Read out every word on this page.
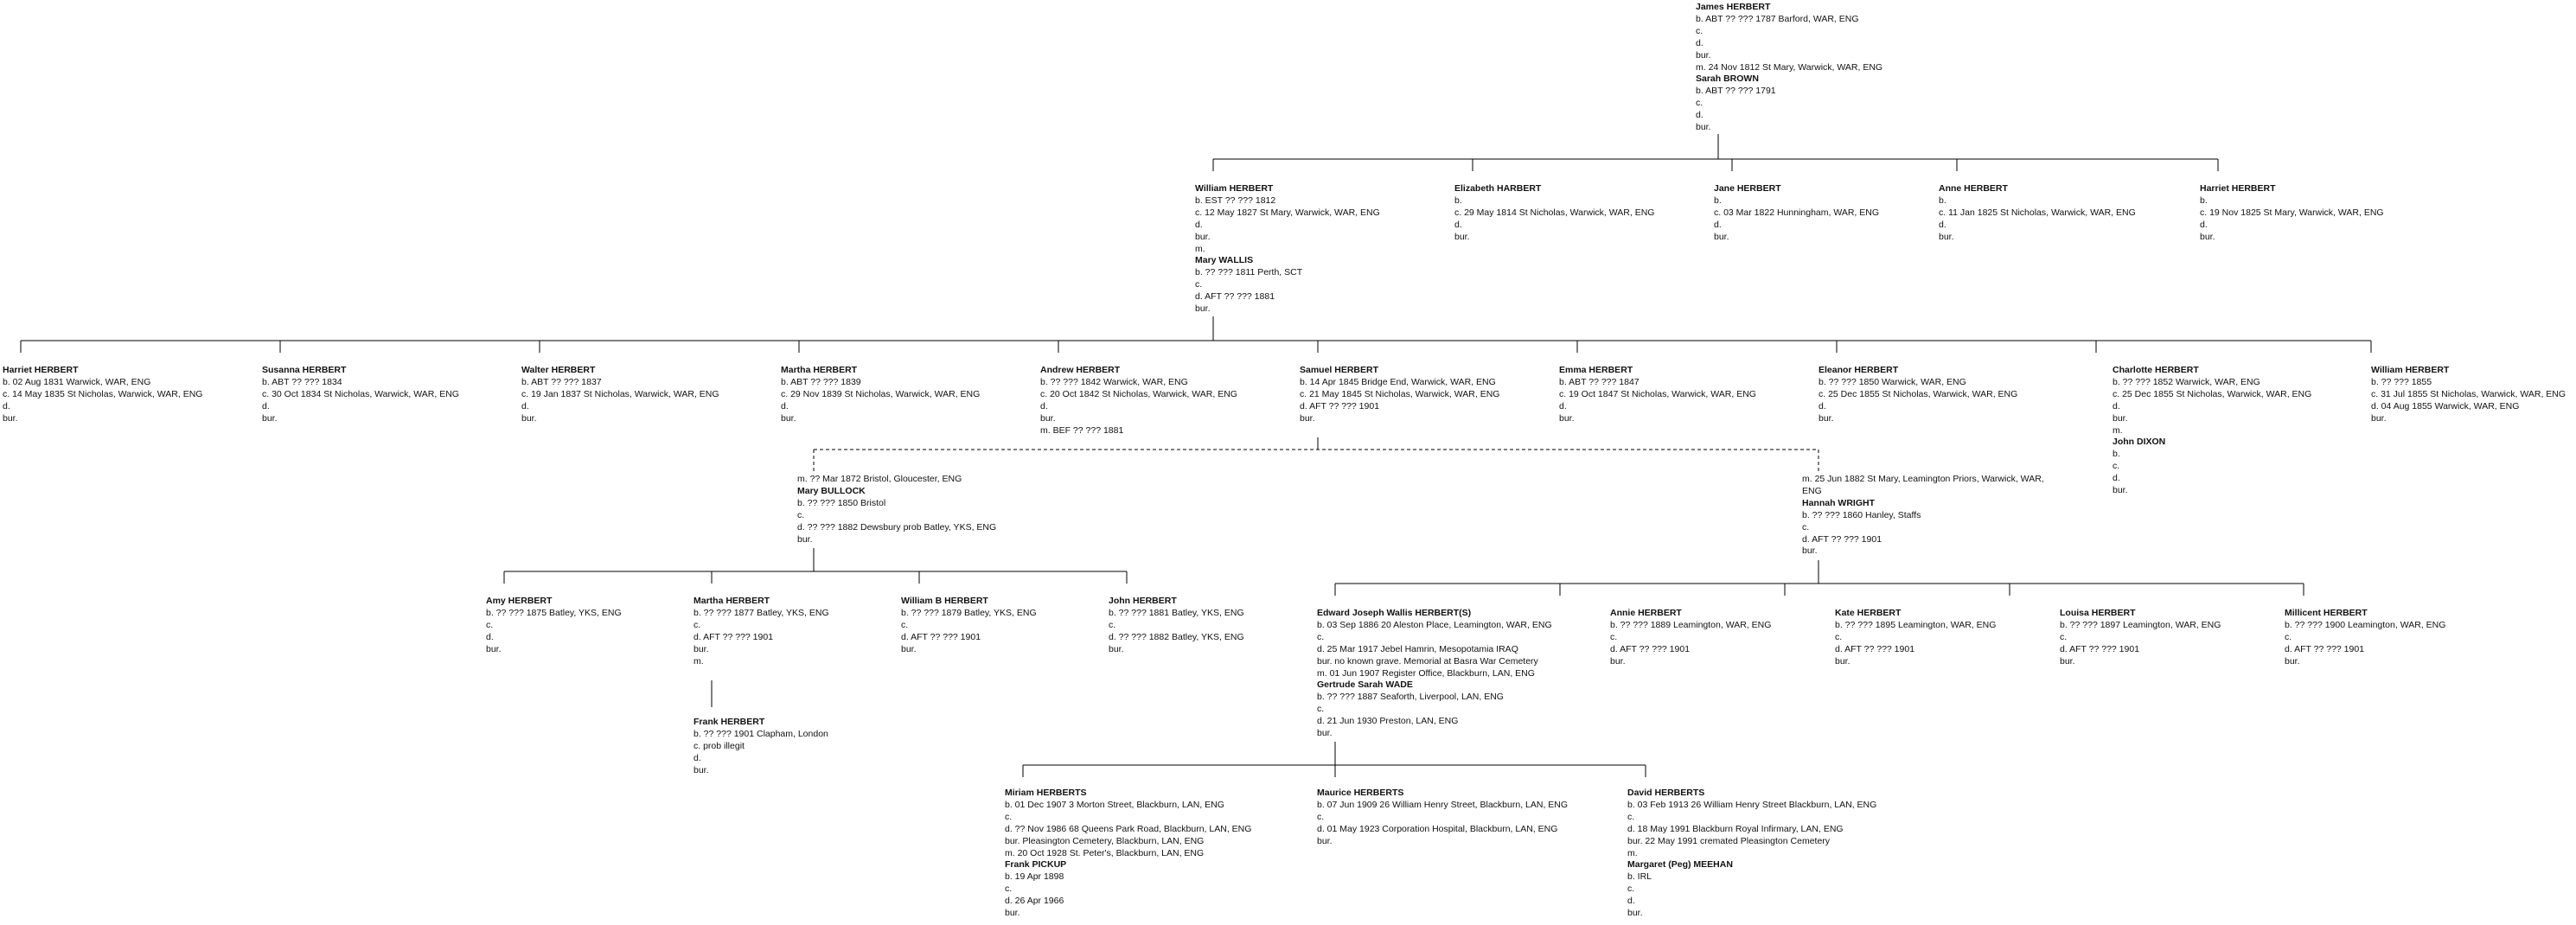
James HERBERT
b. ABT ?? ??? 1787 Barford, WAR, ENG
c.
d.
bur.
m. 24 Nov 1812 St Mary, Warwick, WAR, ENG
Sarah BROWN
b. ABT ?? ??? 1791
c.
d.
bur.
William HERBERT
b. EST ?? ??? 1812
c. 12 May 1827 St Mary, Warwick, WAR, ENG
d.
bur.
m.
Mary WALLIS
b. ?? ??? 1811 Perth, SCT
c.
d. AFT ?? ??? 1881
bur.
Elizabeth HARBERT
b.
c. 29 May 1814 St Nicholas, Warwick, WAR, ENG
d.
bur.
Jane HERBERT
b.
c. 03 Mar 1822 Hunningham, WAR, ENG
d.
bur.
Anne HERBERT
b.
c. 11 Jan 1825 St Nicholas, Warwick, WAR, ENG
d.
bur.
Harriet HERBERT
b.
c. 19 Nov 1825 St Mary, Warwick, WAR, ENG
d.
bur.
Harriet HERBERT
b. 02 Aug 1831 Warwick, WAR, ENG
c. 14 May 1835 St Nicholas, Warwick, WAR, ENG
d.
bur.
Susanna HERBERT
b. ABT ?? ??? 1834
c. 30 Oct 1834 St Nicholas, Warwick, WAR, ENG
d.
bur.
Walter HERBERT
b. ABT ?? ??? 1837
c. 19 Jan 1837 St Nicholas, Warwick, WAR, ENG
d.
bur.
Martha HERBERT
b. ABT ?? ??? 1839
c. 29 Nov 1839 St Nicholas, Warwick, WAR, ENG
d.
bur.
Andrew HERBERT
b. ?? ??? 1842 Warwick, WAR, ENG
c. 20 Oct 1842 St Nicholas, Warwick, WAR, ENG
d.
bur.
m. BEF ?? ??? 1881
Samuel HERBERT
b. 14 Apr 1845 Bridge End, Warwick, WAR, ENG
c. 21 May 1845 St Nicholas, Warwick, WAR, ENG
d. AFT ?? ??? 1901
bur.
Emma HERBERT
b. ABT ?? ??? 1847
c. 19 Oct 1847 St Nicholas, Warwick, WAR, ENG
d.
bur.
Eleanor HERBERT
b. ?? ??? 1850 Warwick, WAR, ENG
c. 25 Dec 1855 St Nicholas, Warwick, WAR, ENG
d.
bur.
Charlotte HERBERT
b. ?? ??? 1852 Warwick, WAR, ENG
c. 25 Dec 1855 St Nicholas, Warwick, WAR, ENG
d.
bur.
m.
John DIXON
b.
c.
d.
bur.
William HERBERT
b. ?? ??? 1855
c. 31 Jul 1855 St Nicholas, Warwick, WAR, ENG
d. 04 Aug 1855 Warwick, WAR, ENG
bur.
m. ?? Mar 1872 Bristol, Gloucester, ENG
Mary BULLOCK
b. ?? ??? 1850 Bristol
c.
d. ?? ??? 1882 Dewsbury prob Batley, YKS, ENG
bur.
m. 25 Jun 1882 St Mary, Leamington Priors, Warwick, WAR,
ENG
Hannah WRIGHT
b. ?? ??? 1860 Hanley, Staffs
c.
d. AFT ?? ??? 1901
bur.
Amy HERBERT
b. ?? ??? 1875 Batley, YKS, ENG
c.
d.
bur.
Martha HERBERT
b. ?? ??? 1877 Batley, YKS, ENG
c.
d. AFT ?? ??? 1901
bur.
m.
William B HERBERT
b. ?? ??? 1879 Batley, YKS, ENG
c.
d. AFT ?? ??? 1901
bur.
John HERBERT
b. ?? ??? 1881 Batley, YKS, ENG
c.
d. ?? ??? 1882 Batley, YKS, ENG
bur.
Frank HERBERT
b. ?? ??? 1901 Clapham, London
c. prob illegit
d.
bur.
Edward Joseph Wallis HERBERT(S)
b. 03 Sep 1886 20 Aleston Place, Leamington, WAR, ENG
c.
d. 25 Mar 1917 Jebel Hamrin, Mesopotamia IRAQ
bur. no known grave. Memorial at Basra War Cemetery
m. 01 Jun 1907 Register Office, Blackburn, LAN, ENG
Gertrude Sarah WADE
b. ?? ??? 1887 Seaforth, Liverpool, LAN, ENG
c.
d. 21 Jun 1930 Preston, LAN, ENG
bur.
Annie HERBERT
b. ?? ??? 1889 Leamington, WAR, ENG
c.
d. AFT ?? ??? 1901
bur.
Kate HERBERT
b. ?? ??? 1895 Leamington, WAR, ENG
c.
d. AFT ?? ??? 1901
bur.
Louisa HERBERT
b. ?? ??? 1897 Leamington, WAR, ENG
c.
d. AFT ?? ??? 1901
bur.
Millicent HERBERT
b. ?? ??? 1900 Leamington, WAR, ENG
c.
d. AFT ?? ??? 1901
bur.
Miriam HERBERTS
b. 01 Dec 1907 3 Morton Street, Blackburn, LAN, ENG
c.
d. ?? Nov 1986 68 Queens Park Road, Blackburn, LAN, ENG
bur. Pleasington Cemetery, Blackburn, LAN, ENG
m. 20 Oct 1928 St. Peter's, Blackburn, LAN, ENG
Frank PICKUP
b. 19 Apr 1898
c.
d. 26 Apr 1966
bur.
Maurice HERBERTS
b. 07 Jun 1909 26 William Henry Street, Blackburn, LAN, ENG
c.
d. 01 May 1923 Corporation Hospital, Blackburn, LAN, ENG
bur.
David HERBERTS
b. 03 Feb 1913 26 William Henry Street Blackburn, LAN, ENG
c.
d. 18 May 1991 Blackburn Royal Infirmary, LAN, ENG
bur. 22 May 1991 cremated Pleasington Cemetery
m.
Margaret (Peg) MEEHAN
b. IRL
c.
d.
bur.
